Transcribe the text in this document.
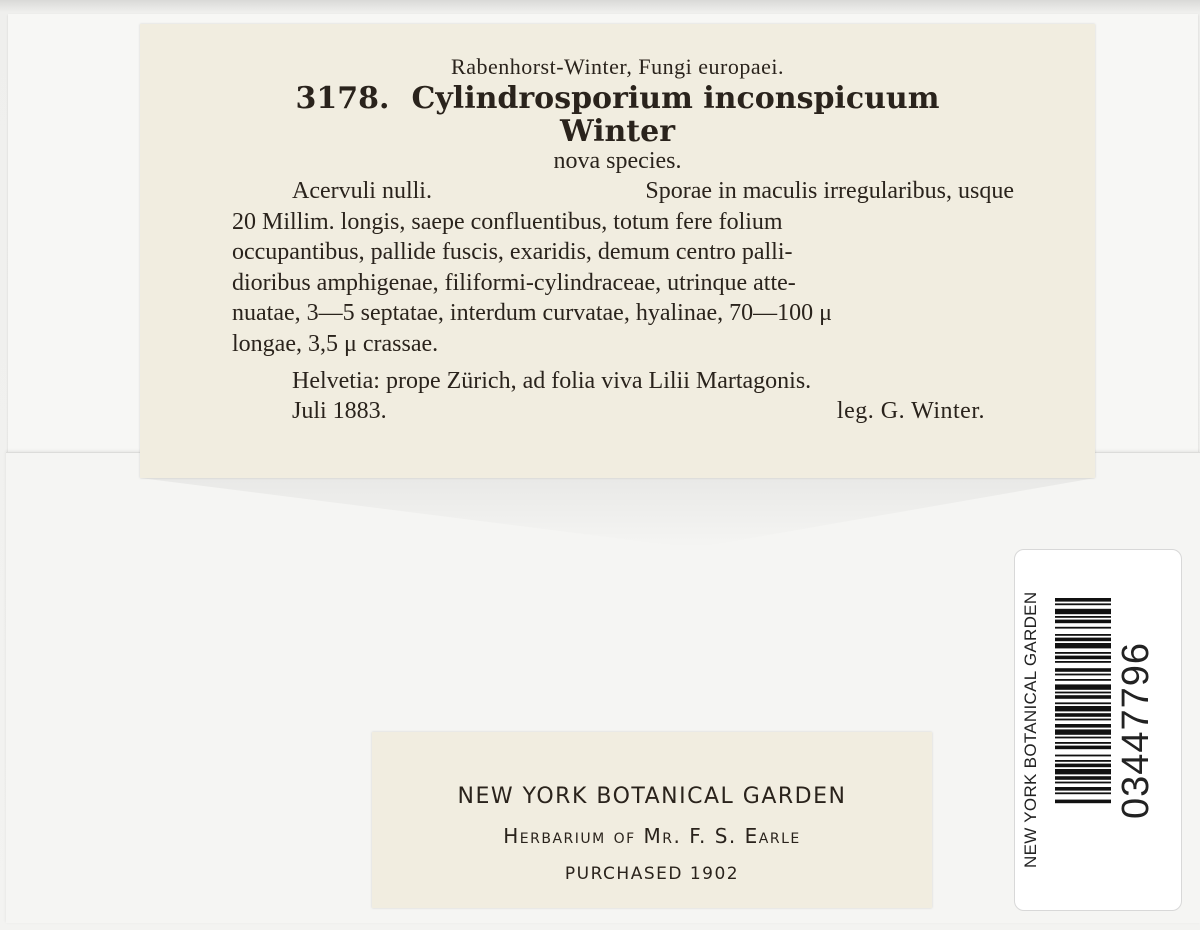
Rabenhorst-Winter, Fungi europaei.
3178. Cylindrosporium inconspicuum
Winter
nova species.
Acervuli nulli.	Sporae in maculis irregularibus, usque
20 Millim. longis, saepe confluentibus, totum fere folium
occupantibus, pallide fuscis, exaridis, demum centro palli-
dioribus amphigenae, filiformi-cylindraceae, utrinque atte-
nuatae, 3—5 septatae, interdum curvatae, hyalinae, 70—100 μ
longae, 3,5 μ crassae.
Helvetia: prope Zürich, ad folia viva Lilii Martagonis.
Juli 1883.	leg. G. Winter.
NEW YORK BOTANICAL GARDEN
Herbarium of Mr. F. S. Earle
PURCHASED 1902
NEW YORK BOTANICAL GARDEN 03447796
